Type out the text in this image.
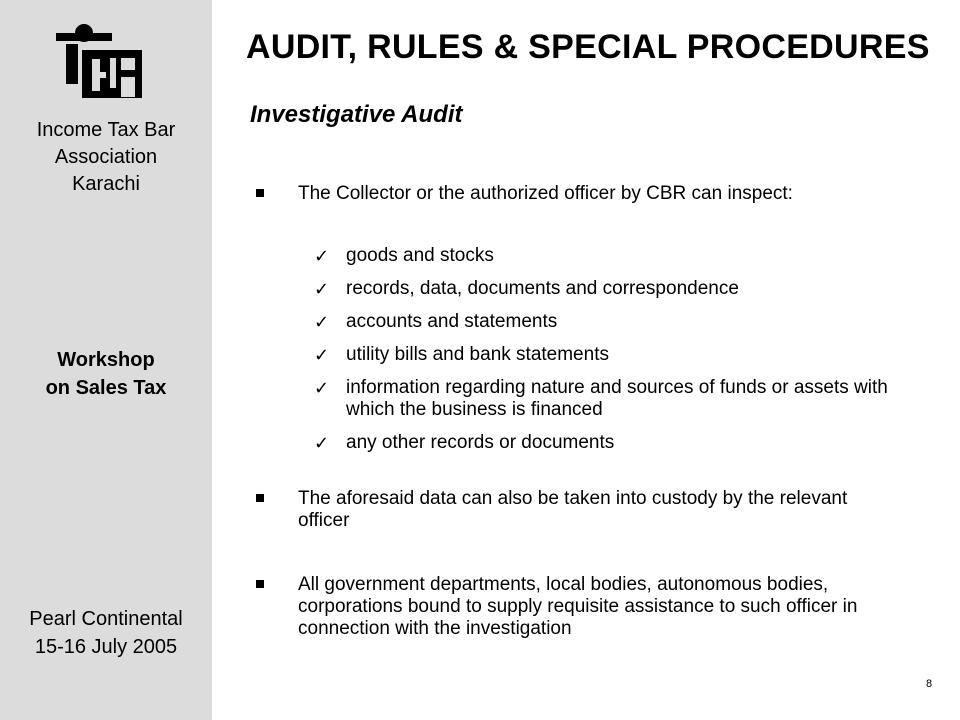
Income Tax Bar
Association
Karachi
Workshop
on Sales Tax
Pearl Continental
15-16 July 2005
AUDIT, RULES & SPECIAL PROCEDURES
Investigative Audit
The Collector or the authorized officer by CBR can inspect:
✓ goods and stocks
✓ records, data, documents and correspondence
✓ accounts and statements
✓ utility bills and bank statements
✓ information regarding nature and sources of funds or assets with which the business is financed
✓ any other records or documents
The aforesaid data can also be taken into custody by the relevant officer
All government departments, local bodies, autonomous bodies, corporations bound to supply requisite assistance to such officer in connection with the investigation
8
